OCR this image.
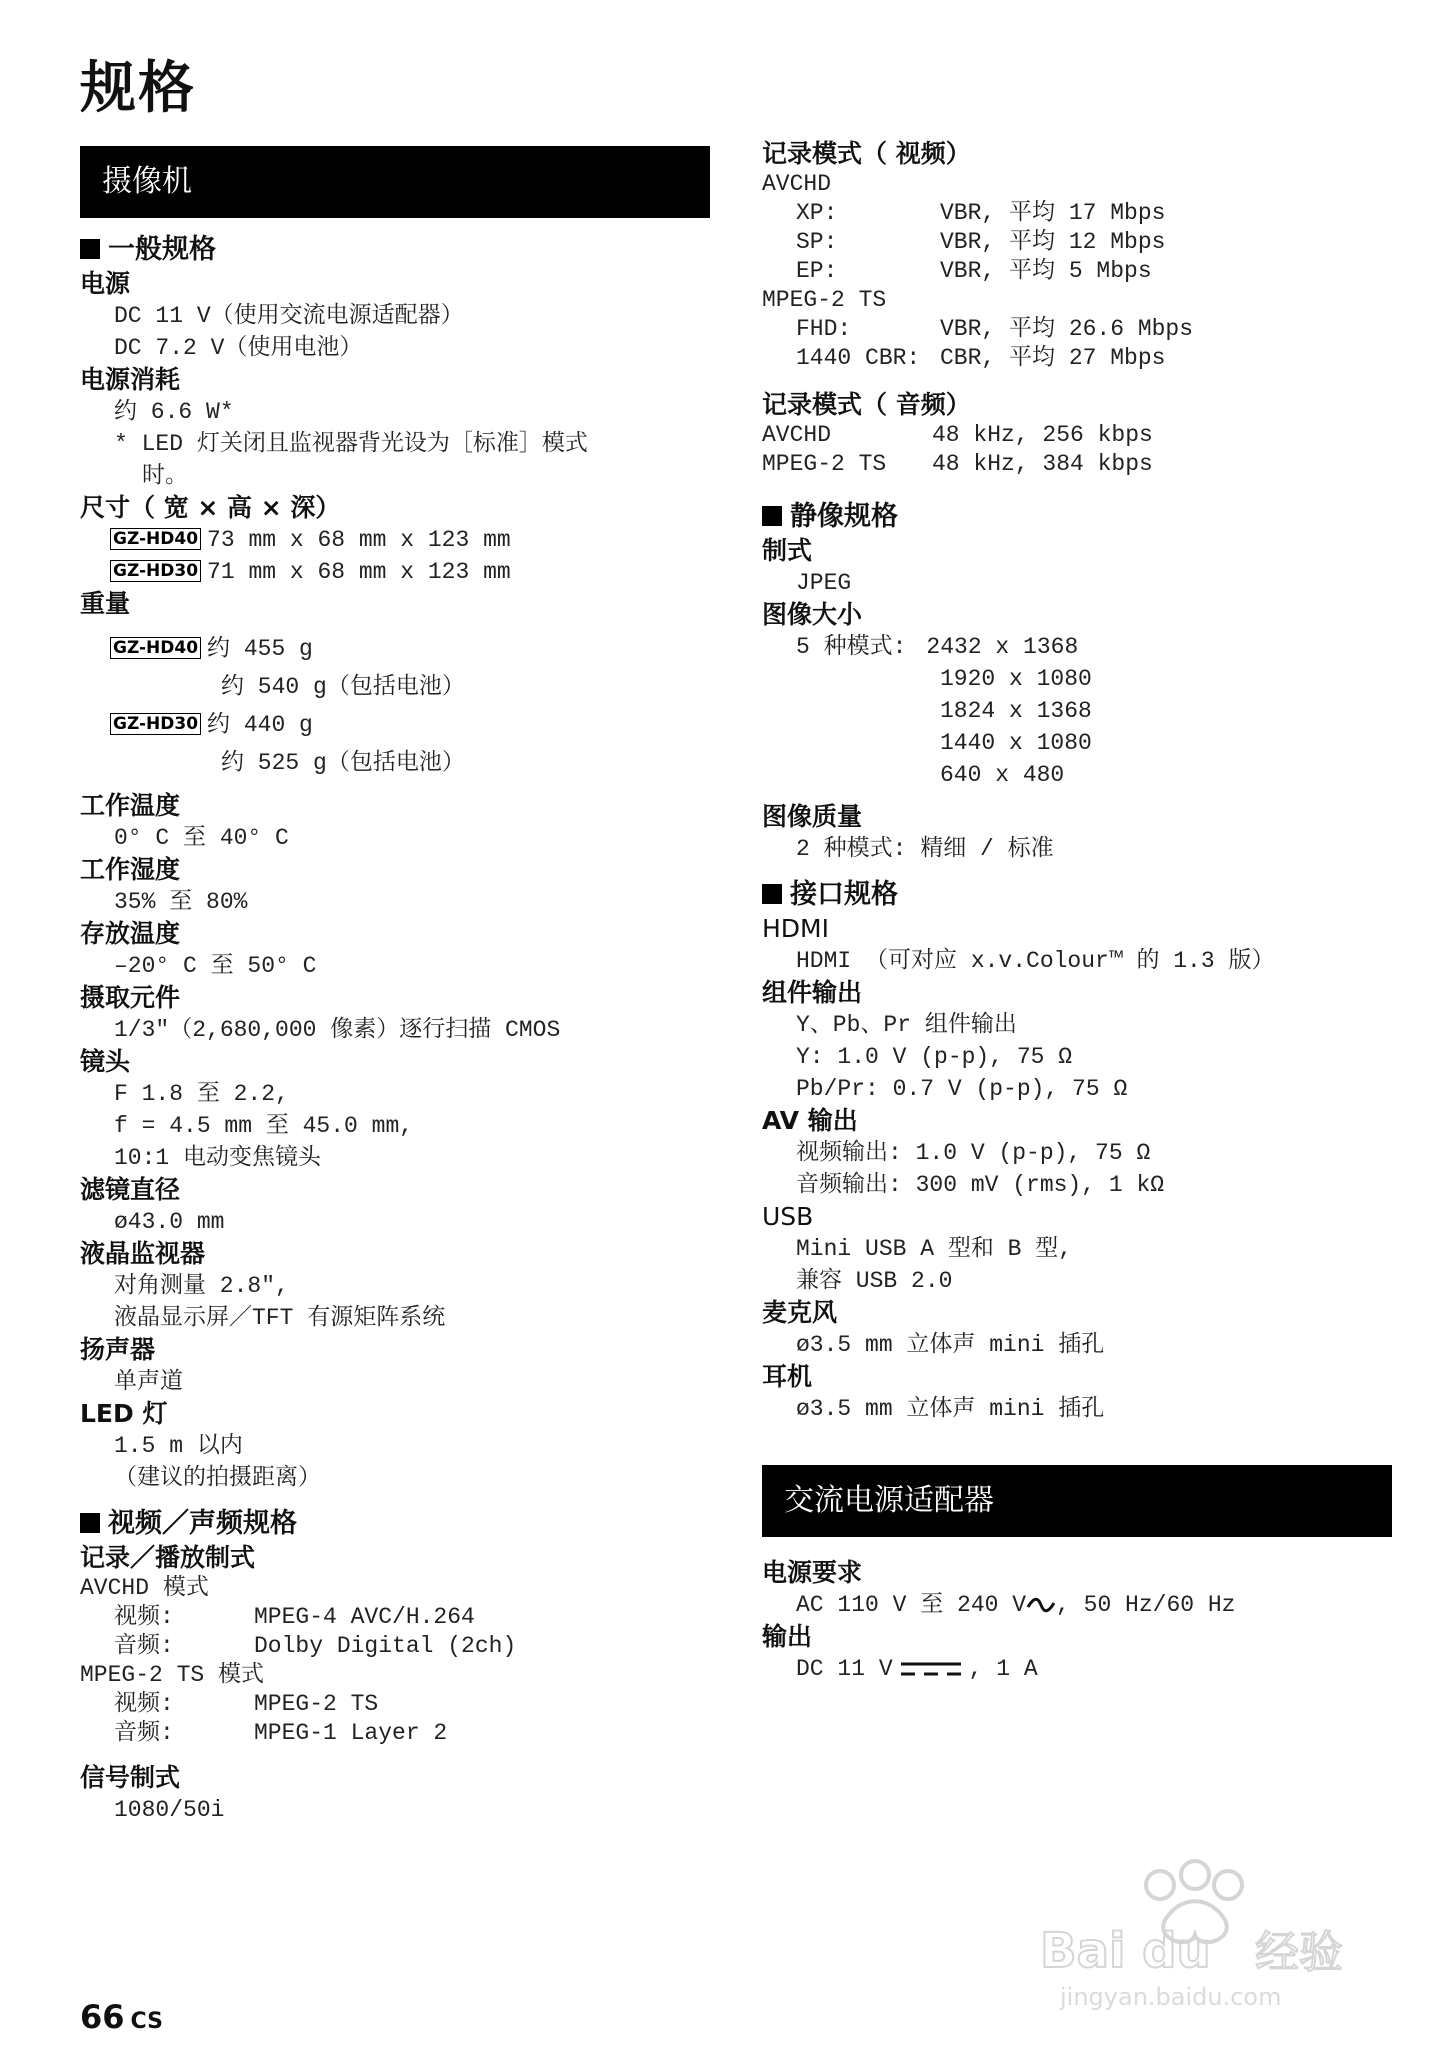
规格
摄像机
一般规格
电源
DC 11 V（使用交流电源适配器）
DC 7.2 V（使用电池）
电源消耗
约 6.6 W*
* LED 灯关闭且监视器背光设为［标准］模式
时。
尺寸（ 宽 × 高 × 深）
GZ-HD40 73 mm x 68 mm x 123 mm
GZ-HD30 71 mm x 68 mm x 123 mm
重量
GZ-HD40 约 455 g
约 540 g（包括电池）
GZ-HD30 约 440 g
约 525 g（包括电池）
工作温度
0° C 至 40° C
工作湿度
35% 至 80%
存放温度
–20° C 至 50° C
摄取元件
1/3"（2,680,000 像素）逐行扫描 CMOS
镜头
F 1.8 至 2.2,
f = 4.5 mm 至 45.0 mm,
10:1 电动变焦镜头
滤镜直径
ø43.0 mm
液晶监视器
对角测量 2.8",
液晶显示屏／TFT 有源矩阵系统
扬声器
单声道
LED 灯
1.5 m 以内
（建议的拍摄距离）
视频／声频规格
记录／播放制式
AVCHD 模式
视频:	MPEG-4 AVC/H.264
音频:	Dolby Digital (2ch)
MPEG-2 TS 模式
视频:	MPEG-2 TS
音频:	MPEG-1 Layer 2
信号制式
1080/50i
记录模式（ 视频）
AVCHD
XP:	VBR, 平均 17 Mbps
SP:	VBR, 平均 12 Mbps
EP:	VBR, 平均 5 Mbps
MPEG-2 TS
FHD:	VBR, 平均 26.6 Mbps
1440 CBR: CBR, 平均 27 Mbps
记录模式（ 音频）
AVCHD	48 kHz, 256 kbps
MPEG-2 TS	48 kHz, 384 kbps
静像规格
制式
JPEG
图像大小
5 种模式: 2432 x 1368
1920 x 1080
1824 x 1368
1440 x 1080
640 x 480
图像质量
2 种模式: 精细 / 标准
接口规格
HDMI
HDMI （可对应 x.v.Colour™ 的 1.3 版）
组件输出
Y、Pb、Pr 组件输出
Y: 1.0 V (p-p), 75 Ω
Pb/Pr: 0.7 V (p-p), 75 Ω
AV 输出
视频输出: 1.0 V (p-p), 75 Ω
音频输出: 300 mV (rms), 1 kΩ
USB
Mini USB A 型和 B 型,
兼容 USB 2.0
麦克风
ø3.5 mm 立体声 mini 插孔
耳机
ø3.5 mm 立体声 mini 插孔
交流电源适配器
电源要求
AC 110 V 至 240 V , 50 Hz/60 Hz
输出
DC 11 V	, 1 A
66 CS
Bai du 经验
jingyan.baidu.com
